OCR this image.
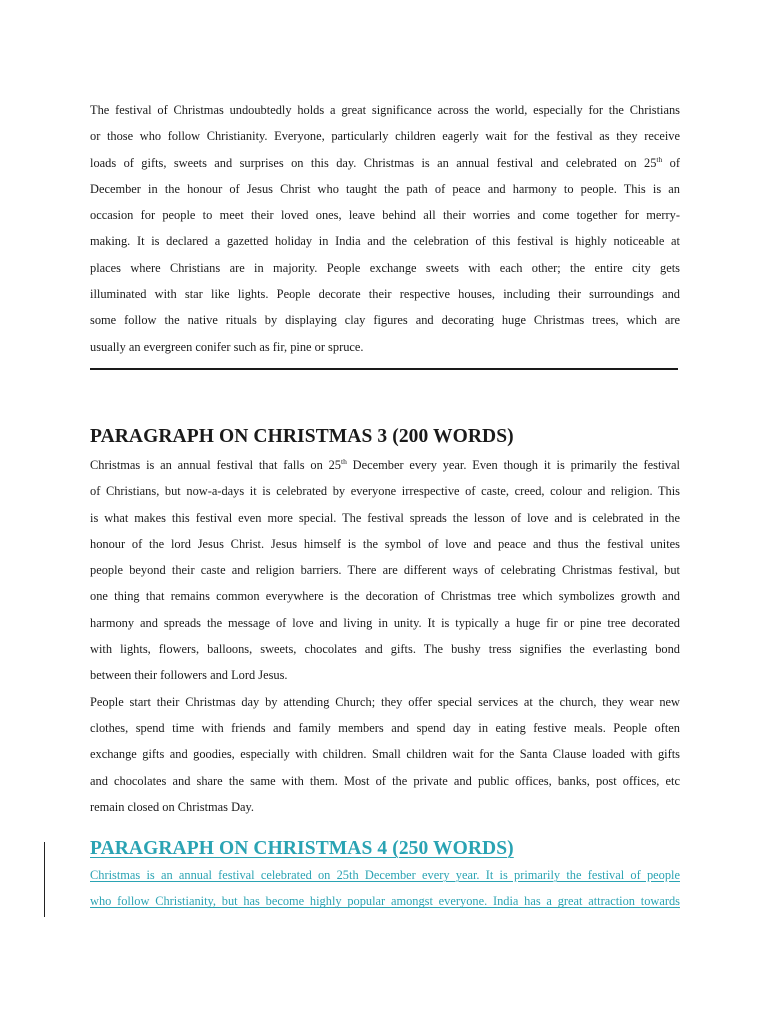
The festival of Christmas undoubtedly holds a great significance across the world, especially for the Christians
or those who follow Christianity. Everyone, particularly children eagerly wait for the festival as they receive
loads of gifts, sweets and surprises on this day. Christmas is an annual festival and celebrated on 25th of
December in the honour of Jesus Christ who taught the path of peace and harmony to people. This is an
occasion for people to meet their loved ones, leave behind all their worries and come together for merry-
making. It is declared a gazetted holiday in India and the celebration of this festival is highly noticeable at
places where Christians are in majority. People exchange sweets with each other; the entire city gets
illuminated with star like lights. People decorate their respective houses, including their surroundings and
some follow the native rituals by displaying clay figures and decorating huge Christmas trees, which are
usually an evergreen conifer such as fir, pine or spruce.

PARAGRAPH ON CHRISTMAS 3 (200 WORDS)

Christmas is an annual festival that falls on 25th December every year. Even though it is primarily the festival
of Christians, but now-a-days it is celebrated by everyone irrespective of caste, creed, colour and religion. This
is what makes this festival even more special. The festival spreads the lesson of love and is celebrated in the
honour of the lord Jesus Christ. Jesus himself is the symbol of love and peace and thus the festival unites
people beyond their caste and religion barriers. There are different ways of celebrating Christmas festival, but
one thing that remains common everywhere is the decoration of Christmas tree which symbolizes growth and
harmony and spreads the message of love and living in unity. It is typically a huge fir or pine tree decorated
with lights, flowers, balloons, sweets, chocolates and gifts. The bushy tress signifies the everlasting bond
between their followers and Lord Jesus.
People start their Christmas day by attending Church; they offer special services at the church, they wear new
clothes, spend time with friends and family members and spend day in eating festive meals. People often
exchange gifts and goodies, especially with children. Small children wait for the Santa Clause loaded with gifts
and chocolates and share the same with them. Most of the private and public offices, banks, post offices, etc
remain closed on Christmas Day.

PARAGRAPH ON CHRISTMAS 4 (250 WORDS)

Christmas is an annual festival celebrated on 25th December every year. It is primarily the festival of people
who follow Christianity, but has become highly popular amongst everyone. India has a great attraction towards
